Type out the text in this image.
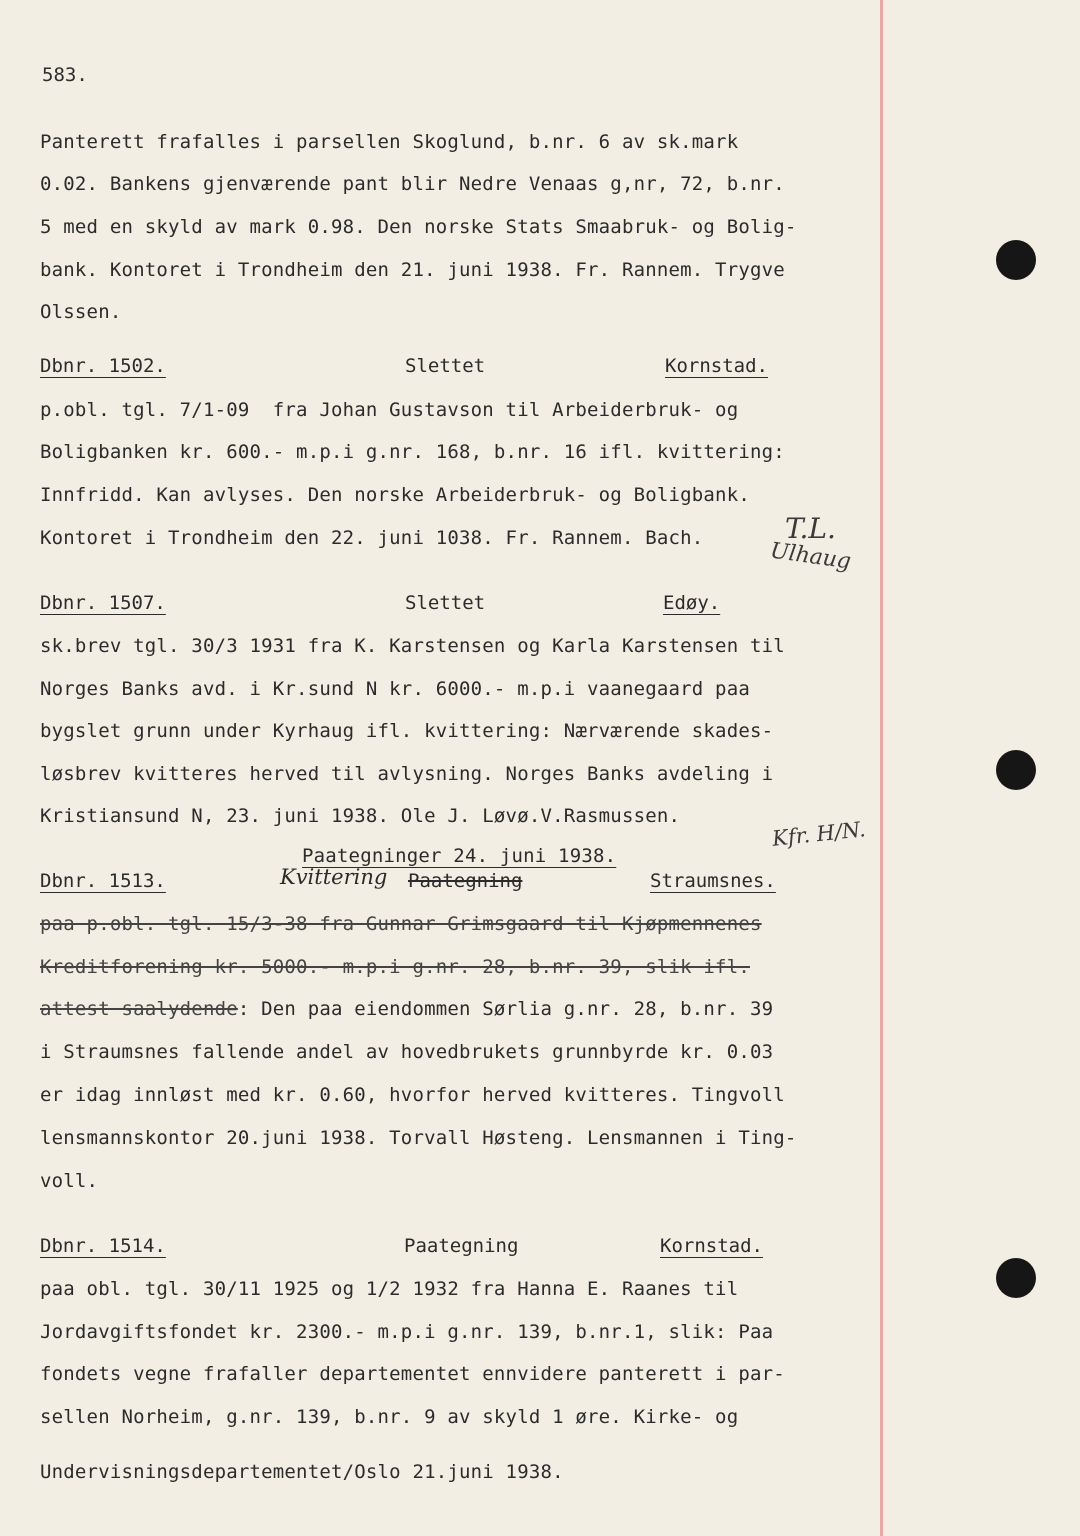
583.
Panterett frafalles i parsellen Skoglund, b.nr. 6 av sk.mark
0.02. Bankens gjenværende pant blir Nedre Venaas g,nr, 72, b.nr.
5 med en skyld av mark 0.98. Den norske Stats Smaabruk- og Bolig-
bank. Kontoret i Trondheim den 21. juni 1938. Fr. Rannem. Trygve
Olssen.
Dbnr. 1502.	Slettet	Kornstad.
p.obl. tgl. 7/1-09  fra Johan Gustavson til Arbeiderbruk- og
Boligbanken kr. 600.- m.p.i g.nr. 168, b.nr. 16 ifl. kvittering:
Innfridd. Kan avlyses. Den norske Arbeiderbruk- og Boligbank.
Kontoret i Trondheim den 22. juni 1038. Fr. Rannem. Bach.	T.L.
Ulhaug
Dbnr. 1507.	Slettet	Edøy.
sk.brev tgl. 30/3 1931 fra K. Karstensen og Karla Karstensen til
Norges Banks avd. i Kr.sund N kr. 6000.- m.p.i vaanegaard paa
bygslet grunn under Kyrhaug ifl. kvittering: Nærværende skades-
løsbrev kvitteres herved til avlysning. Norges Banks avdeling i
Kristiansund N, 23. juni 1938. Ole J. Løvø.V.Rasmussen.
Kfr. H/N.
Paategninger 24. juni 1938.
Dbnr. 1513.	Kvittering Paategning	Straumsnes.
paa p.obl. tgl. 15/3-38 fra Gunnar Grimsgaard til Kjøpmennenes
Kreditforening kr. 5000.- m.p.i g.nr. 28, b.nr. 39, slik ifl.
attest saalydende: Den paa eiendommen Sørlia g.nr. 28, b.nr. 39
i Straumsnes fallende andel av hovedbrukets grunnbyrde kr. 0.03
er idag innløst med kr. 0.60, hvorfor herved kvitteres. Tingvoll
lensmannskontor 20.juni 1938. Torvall Høsteng. Lensmannen i Ting-
voll.
Dbnr. 1514.	Paategning	Kornstad.
paa obl. tgl. 30/11 1925 og 1/2 1932 fra Hanna E. Raanes til
Jordavgiftsfondet kr. 2300.- m.p.i g.nr. 139, b.nr.1, slik: Paa
fondets vegne frafaller departementet ennvidere panterett i par-
sellen Norheim, g.nr. 139, b.nr. 9 av skyld 1 øre. Kirke- og
Undervisningsdepartementet/Oslo 21.juni 1938.
